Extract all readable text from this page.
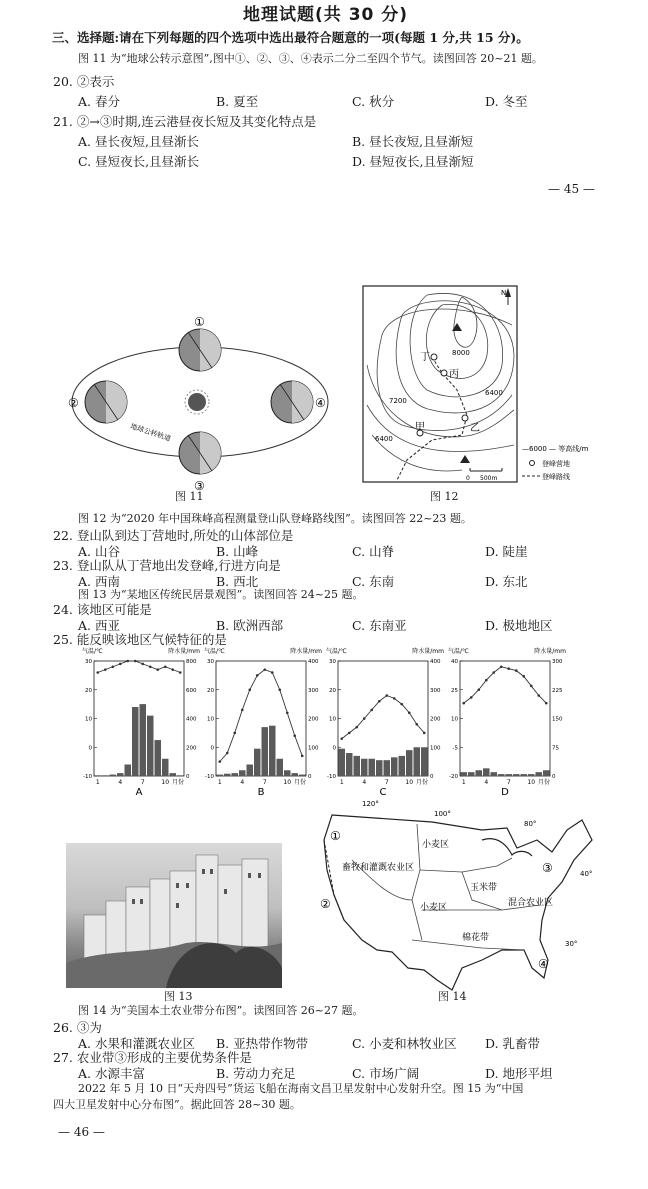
地理试题(共 30 分)
三、选择题:请在下列每题的四个选项中选出最符合题意的一项(每题 1 分,共 15 分)。
图 11 为“地球公转示意图”,图中①、②、③、④表示二分二至四个节气。读图回答 20~21 题。
20. ②表示
A. 春分	B. 夏至	C. 秋分	D. 冬至
21. ②→③时期,连云港昼夜长短及其变化特点是
A. 昼长夜短,且昼渐长	B. 昼长夜短,且昼渐短
C. 昼短夜长,且昼渐长	D. 昼短夜长,且昼渐短
— 45 —
①
②
③
④
地球公转轨道
图 11
丁
丙
乙
甲
8000
7200
6400
6400
N
0 500m
—6000 — 等高线/m
登峰营地
登峰路线
图 12
图 12 为“2020 年中国珠峰高程测量登山队登峰路线图”。读图回答 22~23 题。
22. 登山队到达丁营地时,所处的山体部位是
A. 山谷	B. 山峰	C. 山脊	D. 陡崖
23. 登山队从丁营地出发登峰,行进方向是
A. 西南	B. 西北	C. 东南	D. 东北
图 13 为“某地区传统民居景观图”。读图回答 24~25 题。
24. 该地区可能是
A. 西亚	B. 欧洲西部	C. 东南亚	D. 极地地区
25. 能反映该地区气候特征的是
-10	0
0	200
10	400
20	600
30	800
气温/℃	降水量/mm
1	4	7	10 月份
A
-10	0
0	100
10	200
20	300
30	400
气温/℃	降水量/mm
1	4	7	10 月份
B
-10	0
0	100
10	200
20	300
30	400
气温/℃	降水量/mm
1	4	7	10 月份
C
-20	0
-5	75
10	150
25	225
40	300
气温/℃	降水量/mm
1	4	7	10 月份
D
图 13
120°
100°
80°
40°
30°
①
②
③
④
小麦区
畜牧和灌溉农业区
玉米带
小麦区	混合农业区
棉花带
图 14
图 14 为“美国本土农业带分布图”。读图回答 26~27 题。
26. ③为
A. 水果和灌溉农业区 B. 亚热带作物带	C. 小麦和林牧业区 D. 乳畜带
27. 农业带③形成的主要优势条件是
A. 水源丰富	B. 劳动力充足	C. 市场广阔	D. 地形平坦
2022 年 5 月 10 日“天舟四号”货运飞船在海南文昌卫星发射中心发射升空。图 15 为“中国
四大卫星发射中心分布图”。据此回答 28~30 题。
— 46 —
